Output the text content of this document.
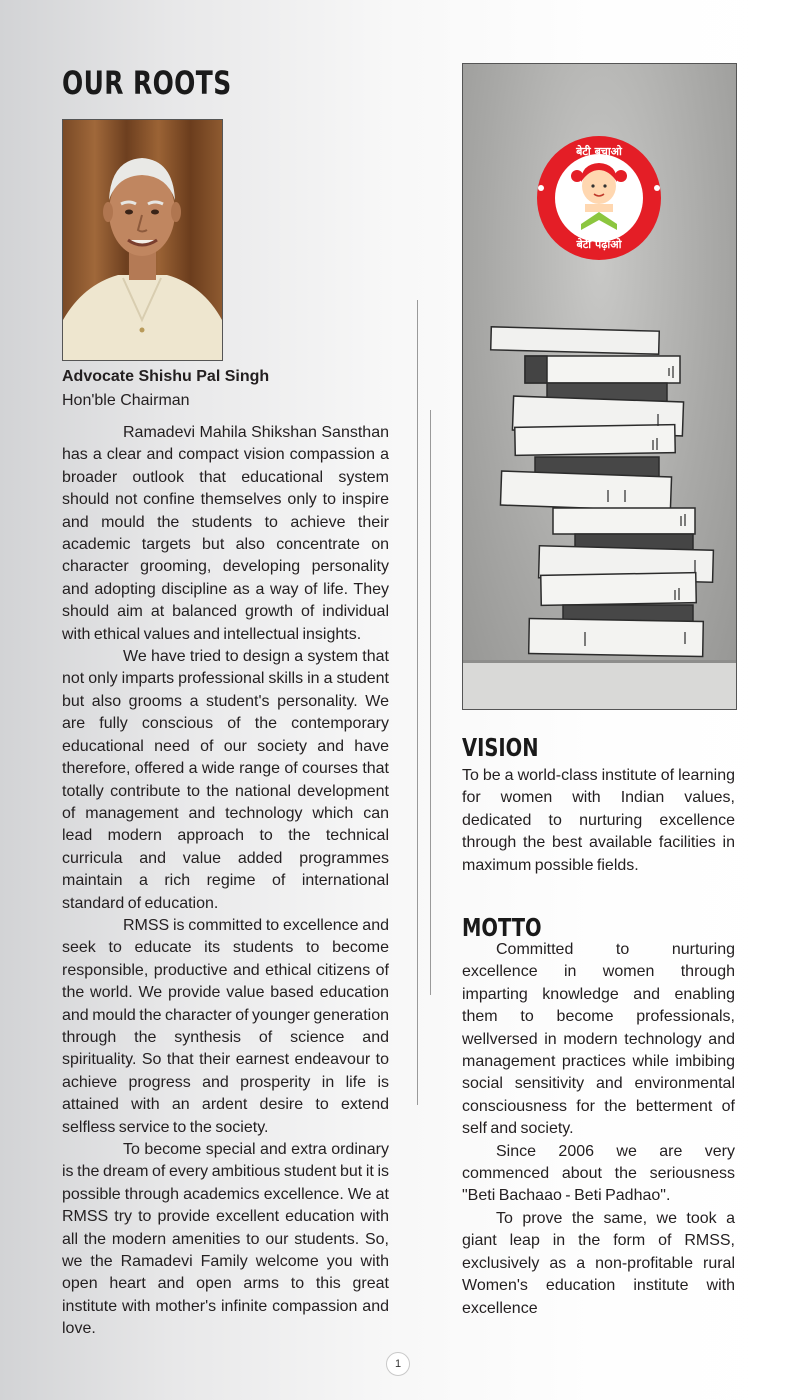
OUR ROOTS
Advocate Shishu Pal Singh
Hon'ble Chairman

Ramadevi Mahila Shikshan Sansthan has a clear and compact vision compassion a broader outlook that educational system should not confine themselves only to inspire and mould the students to achieve their academic targets but also concentrate on character grooming, developing personality and adopting discipline as a way of life. They should aim at balanced growth of individual with ethical values and intellectual insights.

We have tried to design a system that not only imparts professional skills in a student but also grooms a student's personality. We are fully conscious of the contemporary educational need of our society and have therefore, offered a wide range of courses that totally contribute to the national development of management and technology which can lead modern approach to the technical curricula and value added programmes maintain a rich regime of international standard of education.

RMSS is committed to excellence and seek to educate its students to become responsible, productive and ethical citizens of the world. We provide value based education and mould the character of younger generation through the synthesis of science and spirituality. So that their earnest endeavour to achieve progress and prosperity in life is attained with an ardent desire to extend selfless service to the society.

To become special and extra ordinary is the dream of every ambitious student but it is possible through academics excellence. We at RMSS try to provide excellent education with all the modern amenities to our students. So, we the Ramadevi Family welcome you with open heart and open arms to this great institute with mother's infinite compassion and love.

बेटी बचाओ
बेटी पढ़ाओ
VISION

To be a world-class institute of learning for women with Indian values, dedicated to nurturing excellence through the best available facilities in maximum possible fields.

MOTTO

Committed to nurturing excellence in women through imparting knowledge and enabling them to become professionals, wellversed in modern technology and management practices while imbibing social sensitivity and environmental consciousness for the betterment of self and society.

Since 2006 we are very commenced about the seriousness "Beti Bachaao - Beti Padhao".

To prove the same, we took a giant leap in the form of RMSS, exclusively as a non-profitable rural Women's education institute with excellence

1
